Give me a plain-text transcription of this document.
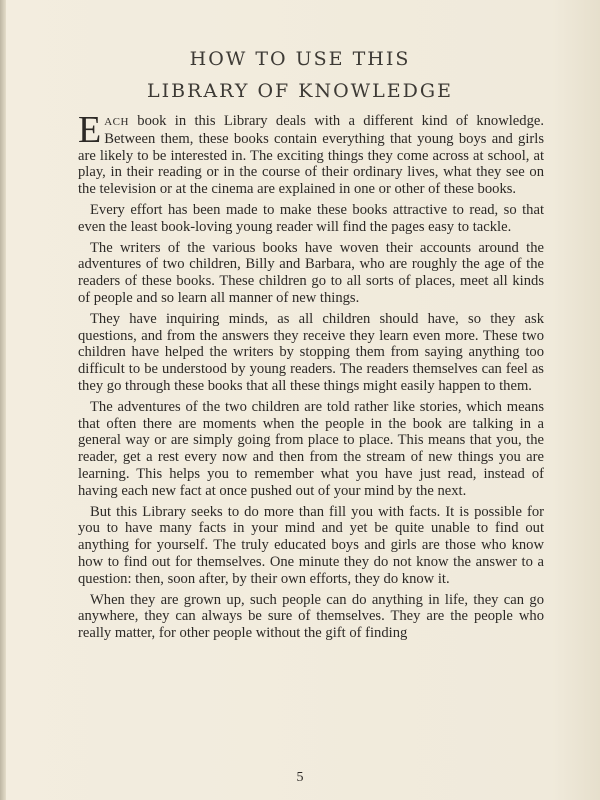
HOW TO USE THIS
LIBRARY OF KNOWLEDGE

EACH book in this Library deals with a different kind of knowledge. Between them, these books contain everything that young boys and girls are likely to be interested in. The exciting things they come across at school, at play, in their reading or in the course of their ordinary lives, what they see on the television or at the cinema are explained in one or other of these books.

Every effort has been made to make these books attractive to read, so that even the least book-loving young reader will find the pages easy to tackle.

The writers of the various books have woven their accounts around the adventures of two children, Billy and Barbara, who are roughly the age of the readers of these books. These children go to all sorts of places, meet all kinds of people and so learn all manner of new things.

They have inquiring minds, as all children should have, so they ask questions, and from the answers they receive they learn even more. These two children have helped the writers by stopping them from saying anything too difficult to be understood by young readers. The readers themselves can feel as they go through these books that all these things might easily happen to them.

The adventures of the two children are told rather like stories, which means that often there are moments when the people in the book are talking in a general way or are simply going from place to place. This means that you, the reader, get a rest every now and then from the stream of new things you are learning. This helps you to remember what you have just read, instead of having each new fact at once pushed out of your mind by the next.

But this Library seeks to do more than fill you with facts. It is possible for you to have many facts in your mind and yet be quite unable to find out anything for yourself. The truly educated boys and girls are those who know how to find out for themselves. One minute they do not know the answer to a question: then, soon after, by their own efforts, they do know it.

When they are grown up, such people can do anything in life, they can go anywhere, they can always be sure of themselves. They are the people who really matter, for other people without the gift of finding

5
